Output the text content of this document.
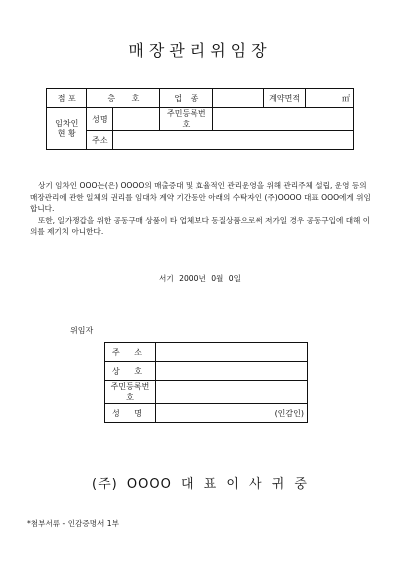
매장관리위임장
점 포	층 호		업 종		계약면적	㎡
임차인 현 황	성명		주민등록번호			
	주소					

상기 임차인 OOO는(은) OOOO의 매출증대 및 효율적인 관리운영을 위해 관리주체 설립, 운영 등의 매장관리에 관한 일체의 권리를 임대차 계약 기간동안 아래의 수탁자인 (주)OOOO 대표 OOO에게 위임합니다.

또한, 일가쟁갑을 위한 공동구매 상품이 타 업체보다 동질상품으로써 저가일 경우 공동구입에 대해 이의를 제기치 아니한다.

서기 2000년 0월 0일
위임자
주 소	
상 호	
주민등록번호	
성 명	(인감인)
(주) OOOO 대 표 이 사 귀 중
*첨부서류 - 인감증명서 1부
